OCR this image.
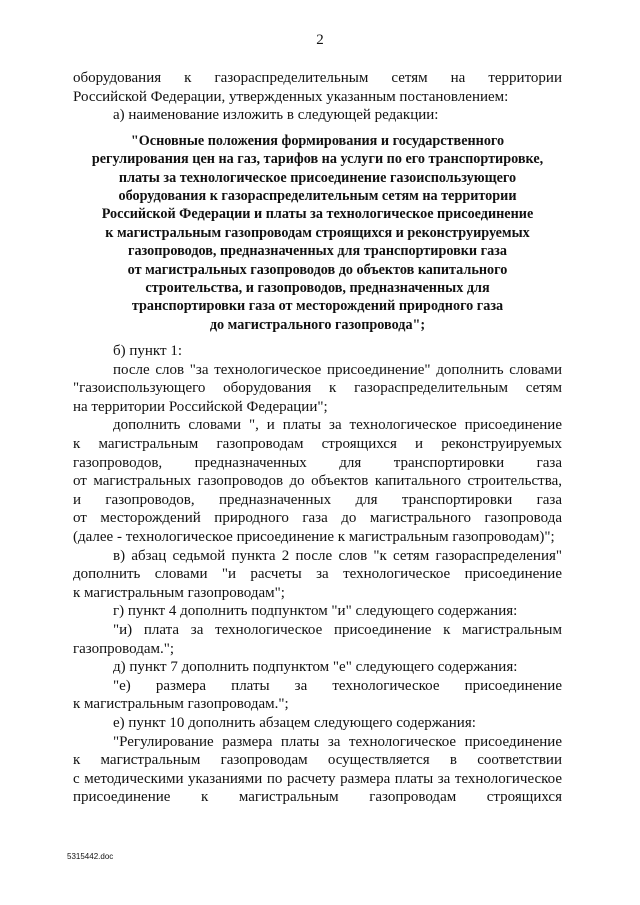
2
оборудования к газораспределительным сетям на территории
Российской Федерации, утвержденных указанным постановлением:
а) наименование изложить в следующей редакции:
"Основные положения формирования и государственного
регулирования цен на газ, тарифов на услуги по его транспортировке,
платы за технологическое присоединение газоиспользующего
оборудования к газораспределительным сетям на территории
Российской Федерации и платы за технологическое присоединение
к магистральным газопроводам строящихся и реконструируемых
газопроводов, предназначенных для транспортировки газа
от магистральных газопроводов до объектов капитального
строительства, и газопроводов, предназначенных для
транспортировки газа от месторождений природного газа
до магистрального газопровода";
б) пункт 1:
после слов "за технологическое присоединение" дополнить словами
"газоиспользующего оборудования к газораспределительным сетям
на территории Российской Федерации";
дополнить словами ", и платы за технологическое присоединение
к магистральным газопроводам строящихся и реконструируемых
газопроводов, предназначенных для транспортировки газа
от магистральных газопроводов до объектов капитального строительства,
и газопроводов, предназначенных для транспортировки газа
от месторождений природного газа до магистрального газопровода
(далее - технологическое присоединение к магистральным газопроводам)";
в) абзац седьмой пункта 2 после слов "к сетям газораспределения"
дополнить словами "и расчеты за технологическое присоединение
к магистральным газопроводам";
г) пункт 4 дополнить подпунктом "и" следующего содержания:
"и) плата за технологическое присоединение к магистральным
газопроводам.";
д) пункт 7 дополнить подпунктом "е" следующего содержания:
"е) размера платы за технологическое присоединение
к магистральным газопроводам.";
е) пункт 10 дополнить абзацем следующего содержания:
"Регулирование размера платы за технологическое присоединение
к магистральным газопроводам осуществляется в соответствии
с методическими указаниями по расчету размера платы за технологическое
присоединение к магистральным газопроводам строящихся
5315442.doc
